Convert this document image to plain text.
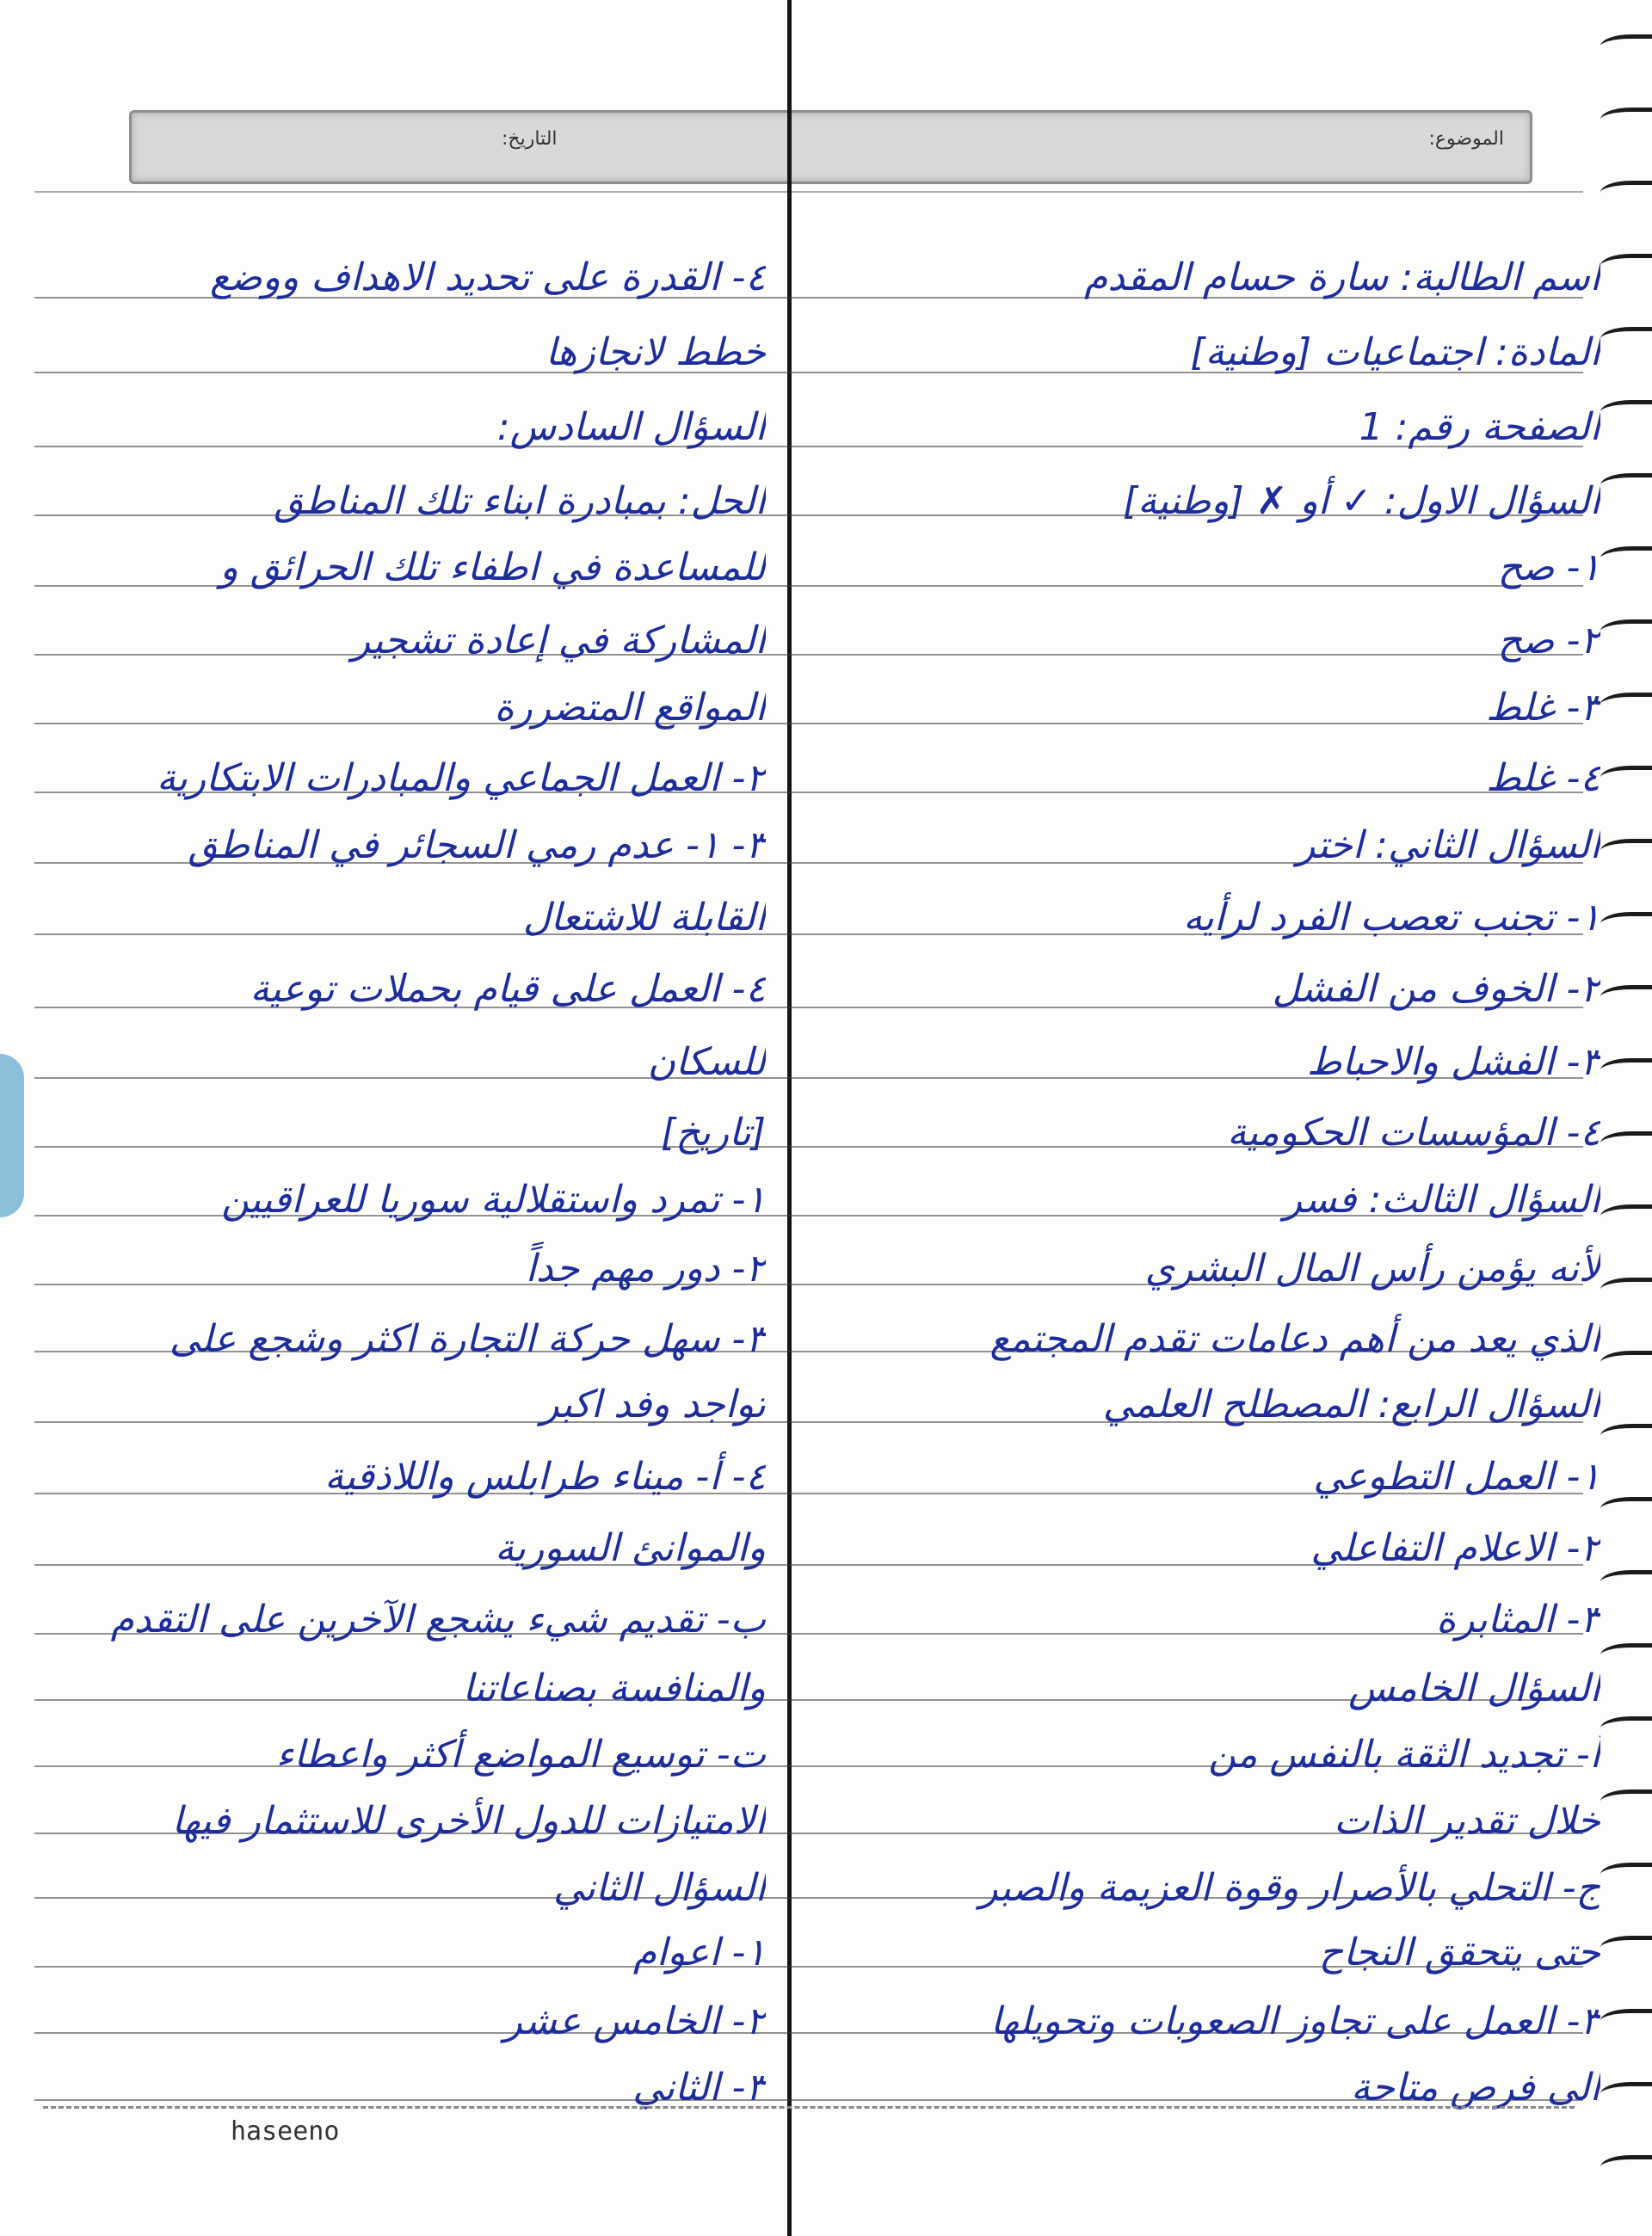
الموضوع:
التاريخ:
اسم الطالبة: سارة حسام المقدم
المادة: اجتماعيات [وطنية]
الصفحة رقم: 1
السؤال الاول: ✓ أو ✗ [وطنية]
١- صح
٢- صح
٣- غلط
٤- غلط
السؤال الثاني: اختر
١- تجنب تعصب الفرد لرأيه
٢- الخوف من الفشل
٣- الفشل والاحباط
٤- المؤسسات الحكومية
السؤال الثالث: فسر
لأنه يؤمن رأس المال البشري
الذي يعد من أهم دعامات تقدم المجتمع
السؤال الرابع: المصطلح العلمي
١- العمل التطوعي
٢- الاعلام التفاعلي
٣- المثابرة
السؤال الخامس
أ- تجديد الثقة بالنفس من
خلال تقدير الذات
ج- التحلي بالأصرار وقوة العزيمة والصبر
حتى يتحقق النجاح
٣- العمل على تجاوز الصعوبات وتحويلها
الى فرص متاحة
٤- القدرة على تحديد الاهداف ووضع
خطط لانجازها
السؤال السادس:
الحل: بمبادرة ابناء تلك المناطق
للمساعدة في اطفاء تلك الحرائق و
المشاركة في إعادة تشجير
المواقع المتضررة
٢- العمل الجماعي والمبادرات الابتكارية
٣- ١- عدم رمي السجائر في المناطق
القابلة للاشتعال
٤- العمل على قيام بحملات توعية
للسكان
[تاريخ]
١- تمرد واستقلالية سوريا للعراقيين
٢- دور مهم جداً
٣- سهل حركة التجارة اكثر وشجع على
تواجد وفد اكبر
٤- أ- ميناء طرابلس واللاذقية
والموانئ السورية
ب- تقديم شيء يشجع الآخرين على التقدم
والمنافسة بصناعاتنا
ت- توسيع المواضع أكثر واعطاء
الامتيازات للدول الأخرى للاستثمار فيها
السؤال الثاني
١- اعوام
٢- الخامس عشر
٣- الثاني
haseeno
